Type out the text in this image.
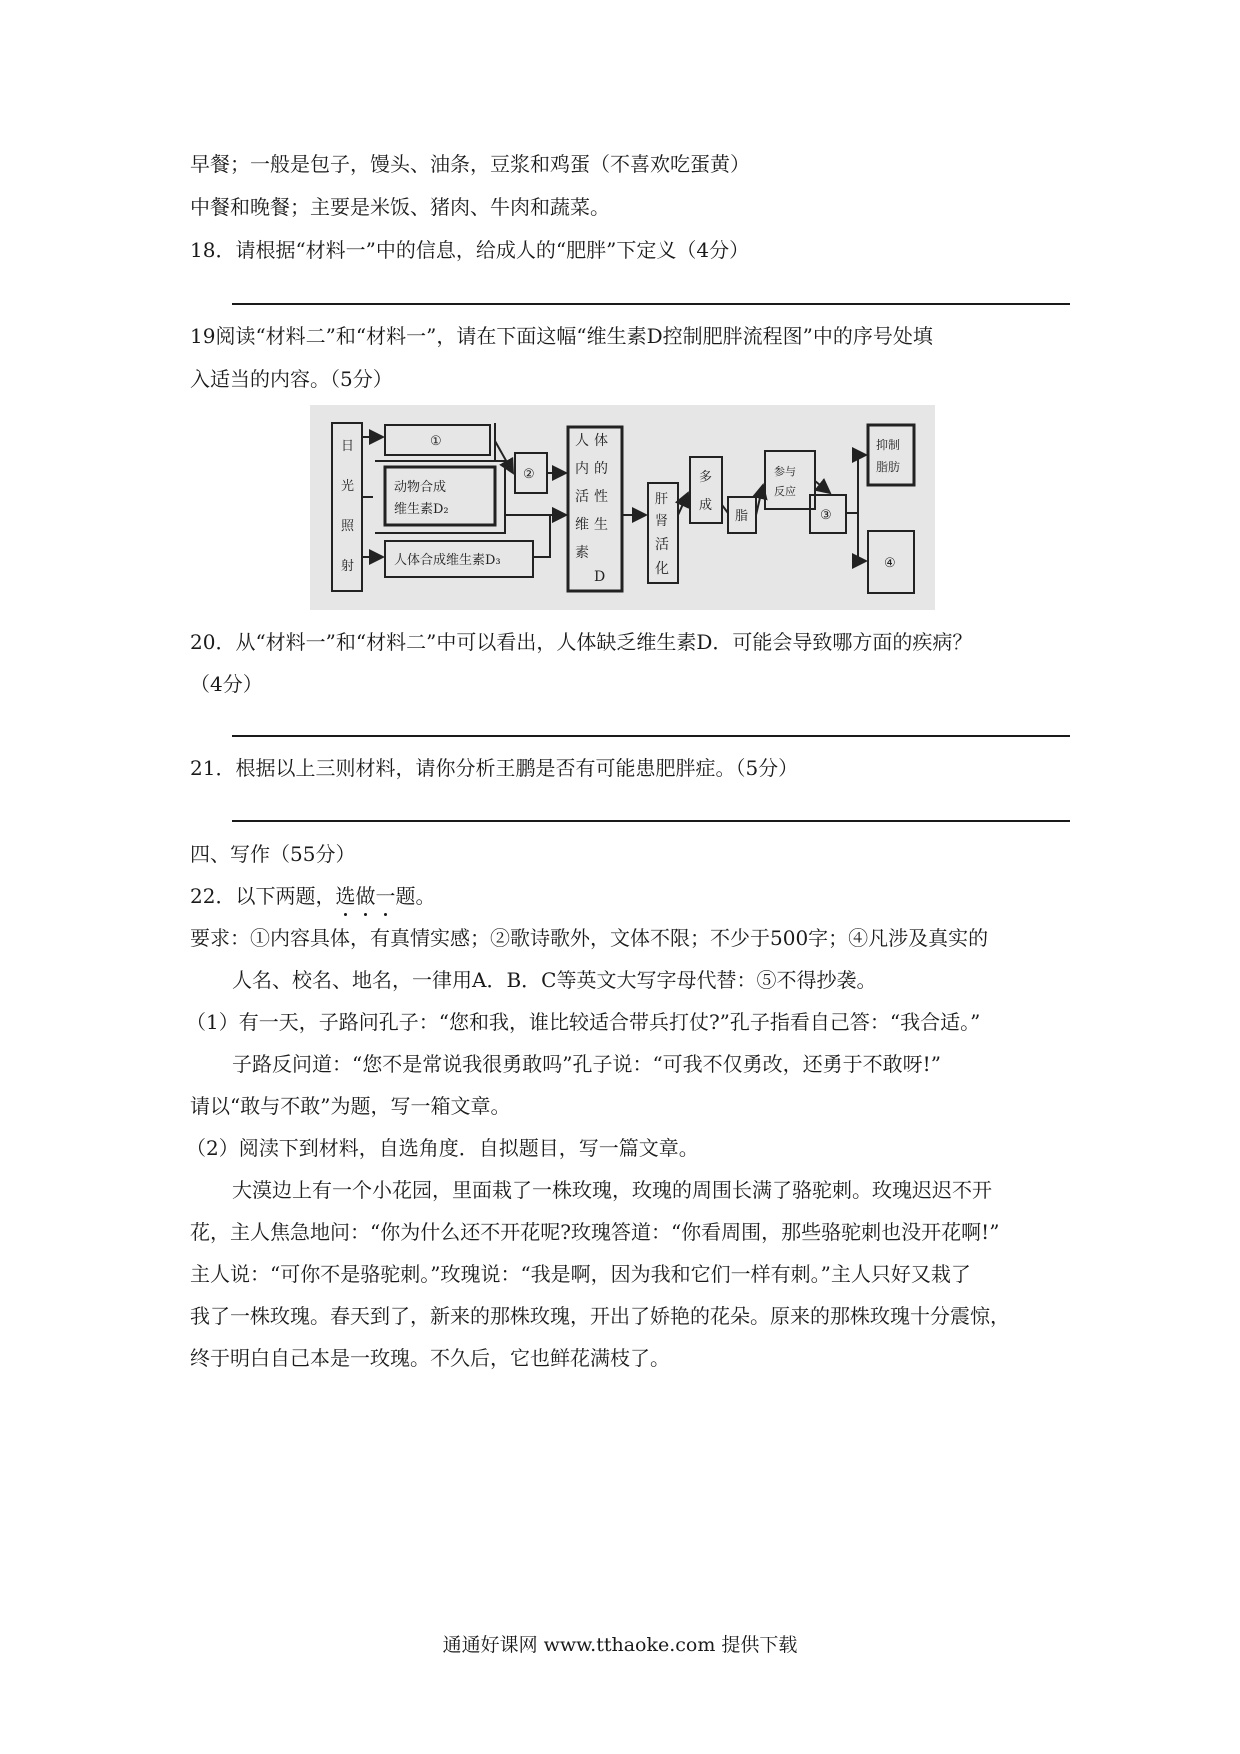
早餐；一般是包子，馒头、油条，豆浆和鸡蛋（不喜欢吃蛋黄）
中餐和晚餐；主要是米饭、猪肉、牛肉和蔬菜。
18．请根据“材料一”中的信息，给成人的“肥胖”下定义（4分）
19阅读“材料二”和“材料一”，请在下面这幅“维生素D控制肥胖流程图”中的序号处填
入适当的内容。（5分）
日
光
照
射
①
动物合成
维生素D₂
人体合成维生素D₃
②
人 体
内 的
活 性
维 生
素
D
肝
肾
活
化
多
成
脂
参与
反应
③
抑制
脂肪
④
20．从“材料一”和“材料二”中可以看出，人体缺乏维生素D．可能会导致哪方面的疾病？
（4分）
21．根据以上三则材料，请你分析王鹏是否有可能患肥胖症。（5分）
四、写作（55分）
22．以下两题，选做一题。
要求：①内容具体，有真情实感；②歌诗歌外，文体不限；不少于500字；④凡涉及真实的
人名、校名、地名，一律用A．B．C等英文大写字母代替：⑤不得抄袭。
（1）有一天，子路问孔子：“您和我，谁比较适合带兵打仗?”孔子指看自己答：“我合适。”
子路反问道：“您不是常说我很勇敢吗”孔子说：“可我不仅勇改，还勇于不敢呀!”
请以“敢与不敢”为题，写一箱文章。
（2）阅渎下到材料，自选角度．自拟题目，写一篇文章。
大漠边上有一个小花园，里面栽了一株玫瑰，玫瑰的周围长满了骆驼刺。玫瑰迟迟不开
花，主人焦急地问：“你为什么还不开花呢?玫瑰答道：“你看周围，那些骆驼刺也没开花啊!”
主人说：“可你不是骆驼刺。”玫瑰说：“我是啊，因为我和它们一样有刺。”主人只好又栽了
我了一株玫瑰。春天到了，新来的那株玫瑰，开出了娇艳的花朵。原来的那株玫瑰十分震惊，
终于明白自己本是一玫瑰。不久后，它也鲜花满枝了。
通通好课网 www.tthaoke.com 提供下载
